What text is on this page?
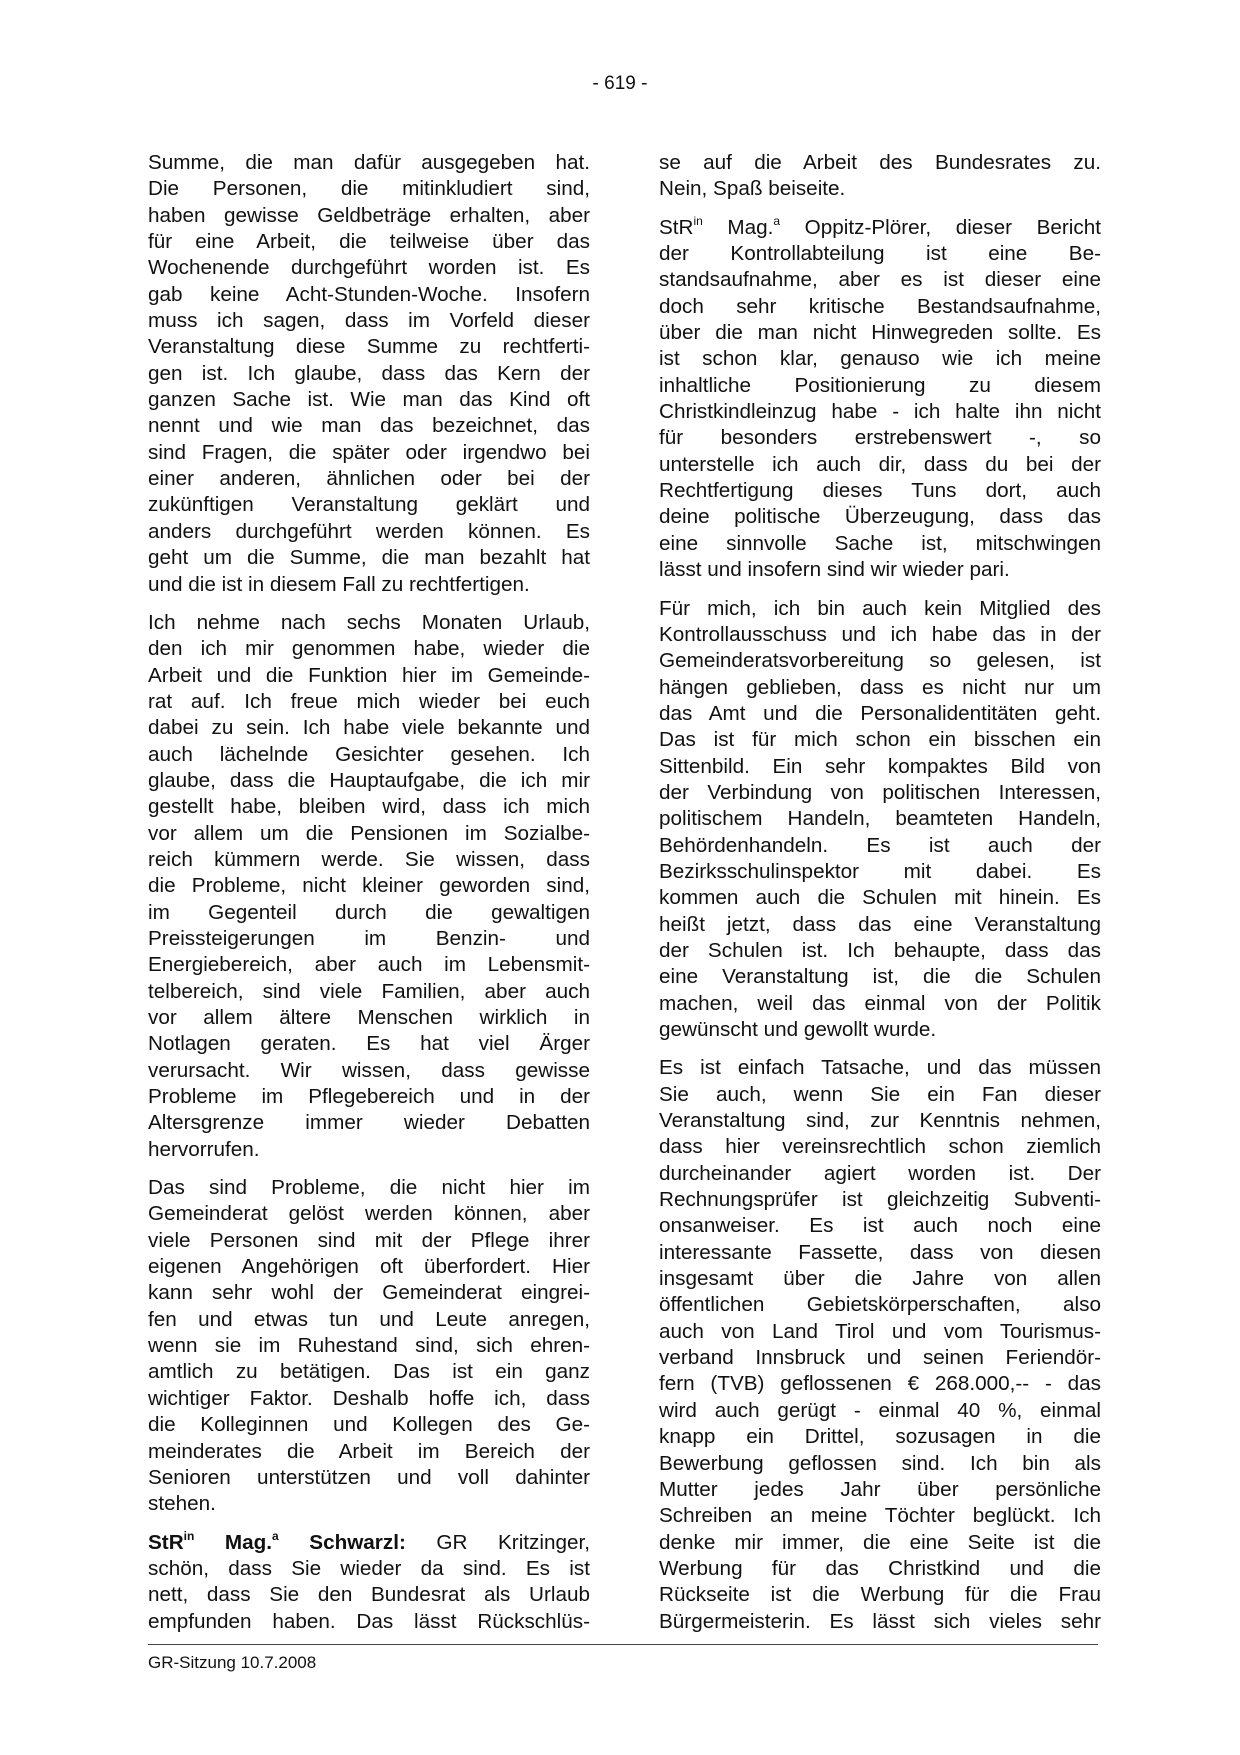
- 619 -

Summe, die man dafür ausgegeben hat.
Die Personen, die mitinkludiert sind,
haben gewisse Geldbeträge erhalten, aber
für eine Arbeit, die teilweise über das
Wochenende durchgeführt worden ist. Es
gab keine Acht-Stunden-Woche. Insofern
muss ich sagen, dass im Vorfeld dieser
Veranstaltung diese Summe zu rechtferti-
gen ist. Ich glaube, dass das Kern der
ganzen Sache ist. Wie man das Kind oft
nennt und wie man das bezeichnet, das
sind Fragen, die später oder irgendwo bei
einer anderen, ähnlichen oder bei der
zukünftigen Veranstaltung geklärt und
anders durchgeführt werden können. Es
geht um die Summe, die man bezahlt hat
und die ist in diesem Fall zu rechtfertigen.

Ich nehme nach sechs Monaten Urlaub,
den ich mir genommen habe, wieder die
Arbeit und die Funktion hier im Gemeinde-
rat auf. Ich freue mich wieder bei euch
dabei zu sein. Ich habe viele bekannte und
auch lächelnde Gesichter gesehen. Ich
glaube, dass die Hauptaufgabe, die ich mir
gestellt habe, bleiben wird, dass ich mich
vor allem um die Pensionen im Sozialbe-
reich kümmern werde. Sie wissen, dass
die Probleme, nicht kleiner geworden sind,
im Gegenteil durch die gewaltigen
Preissteigerungen im Benzin- und
Energiebereich, aber auch im Lebensmit-
telbereich, sind viele Familien, aber auch
vor allem ältere Menschen wirklich in
Notlagen geraten. Es hat viel Ärger
verursacht. Wir wissen, dass gewisse
Probleme im Pflegebereich und in der
Altersgrenze immer wieder Debatten
hervorrufen.

Das sind Probleme, die nicht hier im
Gemeinderat gelöst werden können, aber
viele Personen sind mit der Pflege ihrer
eigenen Angehörigen oft überfordert. Hier
kann sehr wohl der Gemeinderat eingrei-
fen und etwas tun und Leute anregen,
wenn sie im Ruhestand sind, sich ehren-
amtlich zu betätigen. Das ist ein ganz
wichtiger Faktor. Deshalb hoffe ich, dass
die Kolleginnen und Kollegen des Ge-
meinderates die Arbeit im Bereich der
Senioren unterstützen und voll dahinter
stehen.

StR$^{in}$ Mag.$^a$ Schwarzl: GR Kritzinger,
schön, dass Sie wieder da sind. Es ist
nett, dass Sie den Bundesrat als Urlaub
empfunden haben. Das lässt Rückschlüs-

se auf die Arbeit des Bundesrates zu.
Nein, Spaß beiseite.

StR$^{in}$ Mag.$^a$ Oppitz-Plörer, dieser Bericht
der Kontrollabteilung ist eine Be-
standsaufnahme, aber es ist dieser eine
doch sehr kritische Bestandsaufnahme,
über die man nicht Hinwegreden sollte. Es
ist schon klar, genauso wie ich meine
inhaltliche Positionierung zu diesem
Christkindleinzug habe - ich halte ihn nicht
für besonders erstrebenswert -, so
unterstelle ich auch dir, dass du bei der
Rechtfertigung dieses Tuns dort, auch
deine politische Überzeugung, dass das
eine sinnvolle Sache ist, mitschwingen
lässt und insofern sind wir wieder pari.

Für mich, ich bin auch kein Mitglied des
Kontrollausschuss und ich habe das in der
Gemeinderatsvorbereitung so gelesen, ist
hängen geblieben, dass es nicht nur um
das Amt und die Personalidentitäten geht.
Das ist für mich schon ein bisschen ein
Sittenbild. Ein sehr kompaktes Bild von
der Verbindung von politischen Interessen,
politischem Handeln, beamteten Handeln,
Behördenhandeln. Es ist auch der
Bezirksschulinspektor mit dabei. Es
kommen auch die Schulen mit hinein. Es
heißt jetzt, dass das eine Veranstaltung
der Schulen ist. Ich behaupte, dass das
eine Veranstaltung ist, die die Schulen
machen, weil das einmal von der Politik
gewünscht und gewollt wurde.

Es ist einfach Tatsache, und das müssen
Sie auch, wenn Sie ein Fan dieser
Veranstaltung sind, zur Kenntnis nehmen,
dass hier vereinsrechtlich schon ziemlich
durcheinander agiert worden ist. Der
Rechnungsprüfer ist gleichzeitig Subventi-
onsanweiser. Es ist auch noch eine
interessante Fassette, dass von diesen
insgesamt über die Jahre von allen
öffentlichen Gebietskörperschaften, also
auch von Land Tirol und vom Tourismus-
verband Innsbruck und seinen Feriendör-
fern (TVB) geflossenen € 268.000,-- - das
wird auch gerügt - einmal 40 %, einmal
knapp ein Drittel, sozusagen in die
Bewerbung geflossen sind. Ich bin als
Mutter jedes Jahr über persönliche
Schreiben an meine Töchter beglückt. Ich
denke mir immer, die eine Seite ist die
Werbung für das Christkind und die
Rückseite ist die Werbung für die Frau
Bürgermeisterin. Es lässt sich vieles sehr

GR-Sitzung 10.7.2008
